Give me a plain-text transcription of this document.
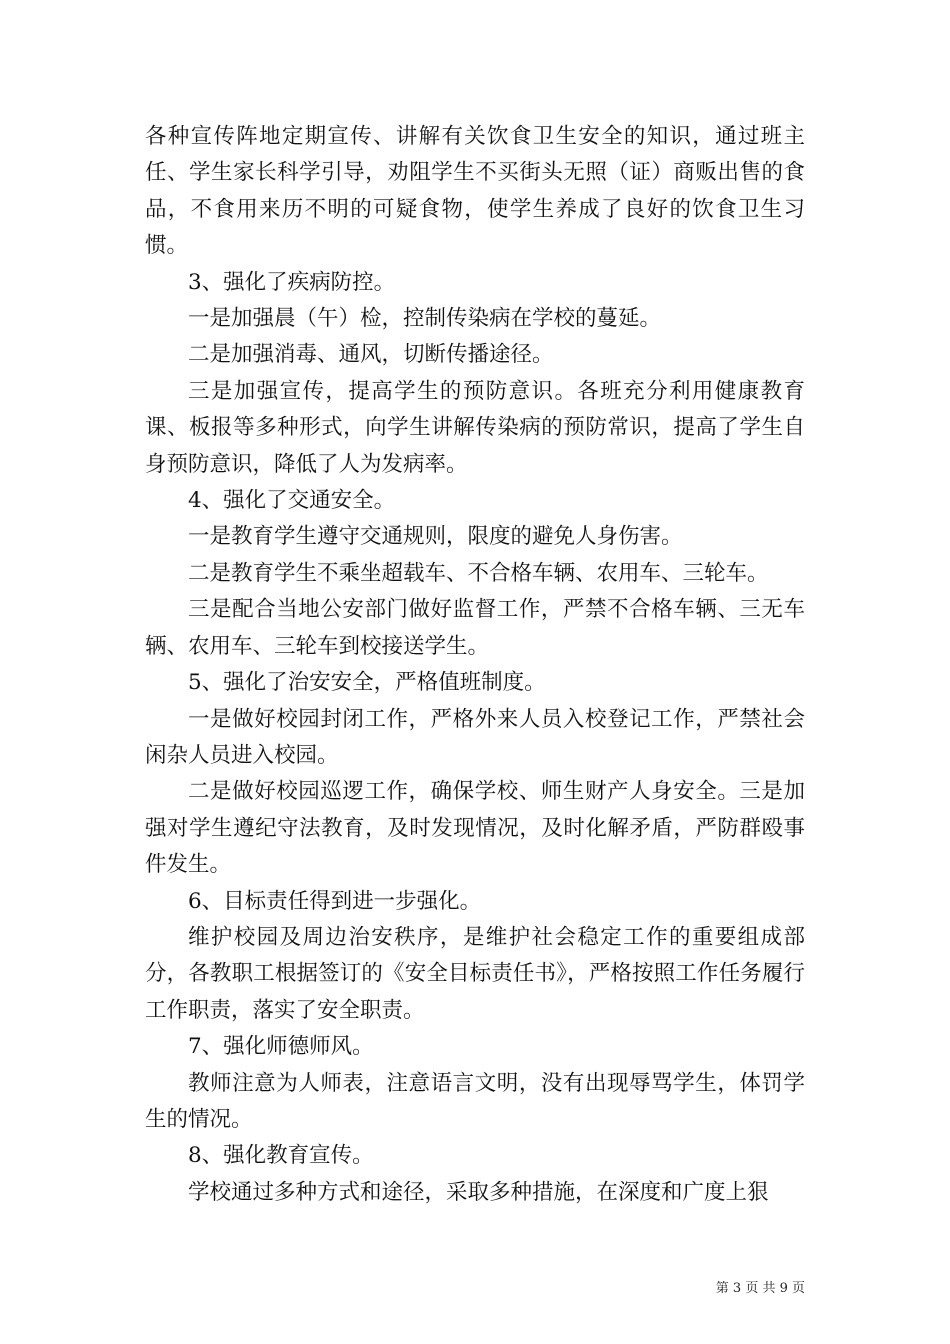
各种宣传阵地定期宣传、讲解有关饮食卫生安全的知识，通过班主任、学生家长科学引导，劝阻学生不买街头无照（证）商贩出售的食品，不食用来历不明的可疑食物，使学生养成了良好的饮食卫生习惯。

3、强化了疾病防控。

一是加强晨（午）检，控制传染病在学校的蔓延。

二是加强消毒、通风，切断传播途径。

三是加强宣传，提高学生的预防意识。各班充分利用健康教育课、板报等多种形式，向学生讲解传染病的预防常识，提高了学生自身预防意识，降低了人为发病率。

4、强化了交通安全。

一是教育学生遵守交通规则，限度的避免人身伤害。

二是教育学生不乘坐超载车、不合格车辆、农用车、三轮车。

三是配合当地公安部门做好监督工作，严禁不合格车辆、三无车辆、农用车、三轮车到校接送学生。

5、强化了治安安全，严格值班制度。

一是做好校园封闭工作，严格外来人员入校登记工作，严禁社会闲杂人员进入校园。

二是做好校园巡逻工作，确保学校、师生财产人身安全。三是加强对学生遵纪守法教育，及时发现情况，及时化解矛盾，严防群殴事件发生。

6、目标责任得到进一步强化。

维护校园及周边治安秩序，是维护社会稳定工作的重要组成部分，各教职工根据签订的《安全目标责任书》，严格按照工作任务履行工作职责，落实了安全职责。

7、强化师德师风。

教师注意为人师表，注意语言文明，没有出现辱骂学生，体罚学生的情况。

8、强化教育宣传。

学校通过多种方式和途径，采取多种措施，在深度和广度上狠

第 3 页 共 9 页
